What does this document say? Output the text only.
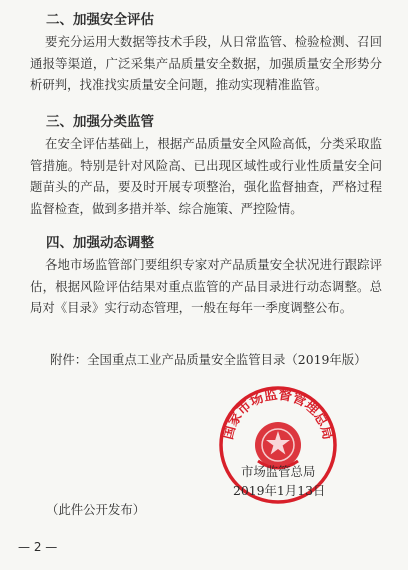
二、加强安全评估
要充分运用大数据等技术手段，从日常监管、检验检测、召回通报等渠道，广泛采集产品质量安全数据，加强质量安全形势分析研判，找准找实质量安全问题，推动实现精准监管。
三、加强分类监管
在安全评估基础上，根据产品质量安全风险高低，分类采取监管措施。特别是针对风险高、已出现区域性或行业性质量安全问题苗头的产品，要及时开展专项整治，强化监督抽查，严格过程监督检查，做到多措并举、综合施策、严控险情。
四、加强动态调整
各地市场监管部门要组织专家对产品质量安全状况进行跟踪评估，根据风险评估结果对重点监管的产品目录进行动态调整。总局对《目录》实行动态管理，一般在每年一季度调整公布。
附件：全国重点工业产品质量安全监管目录（2019年版）
国家市场监督管理总局
市场监管总局
2019年1月13日
（此件公开发布）
— 2 —
